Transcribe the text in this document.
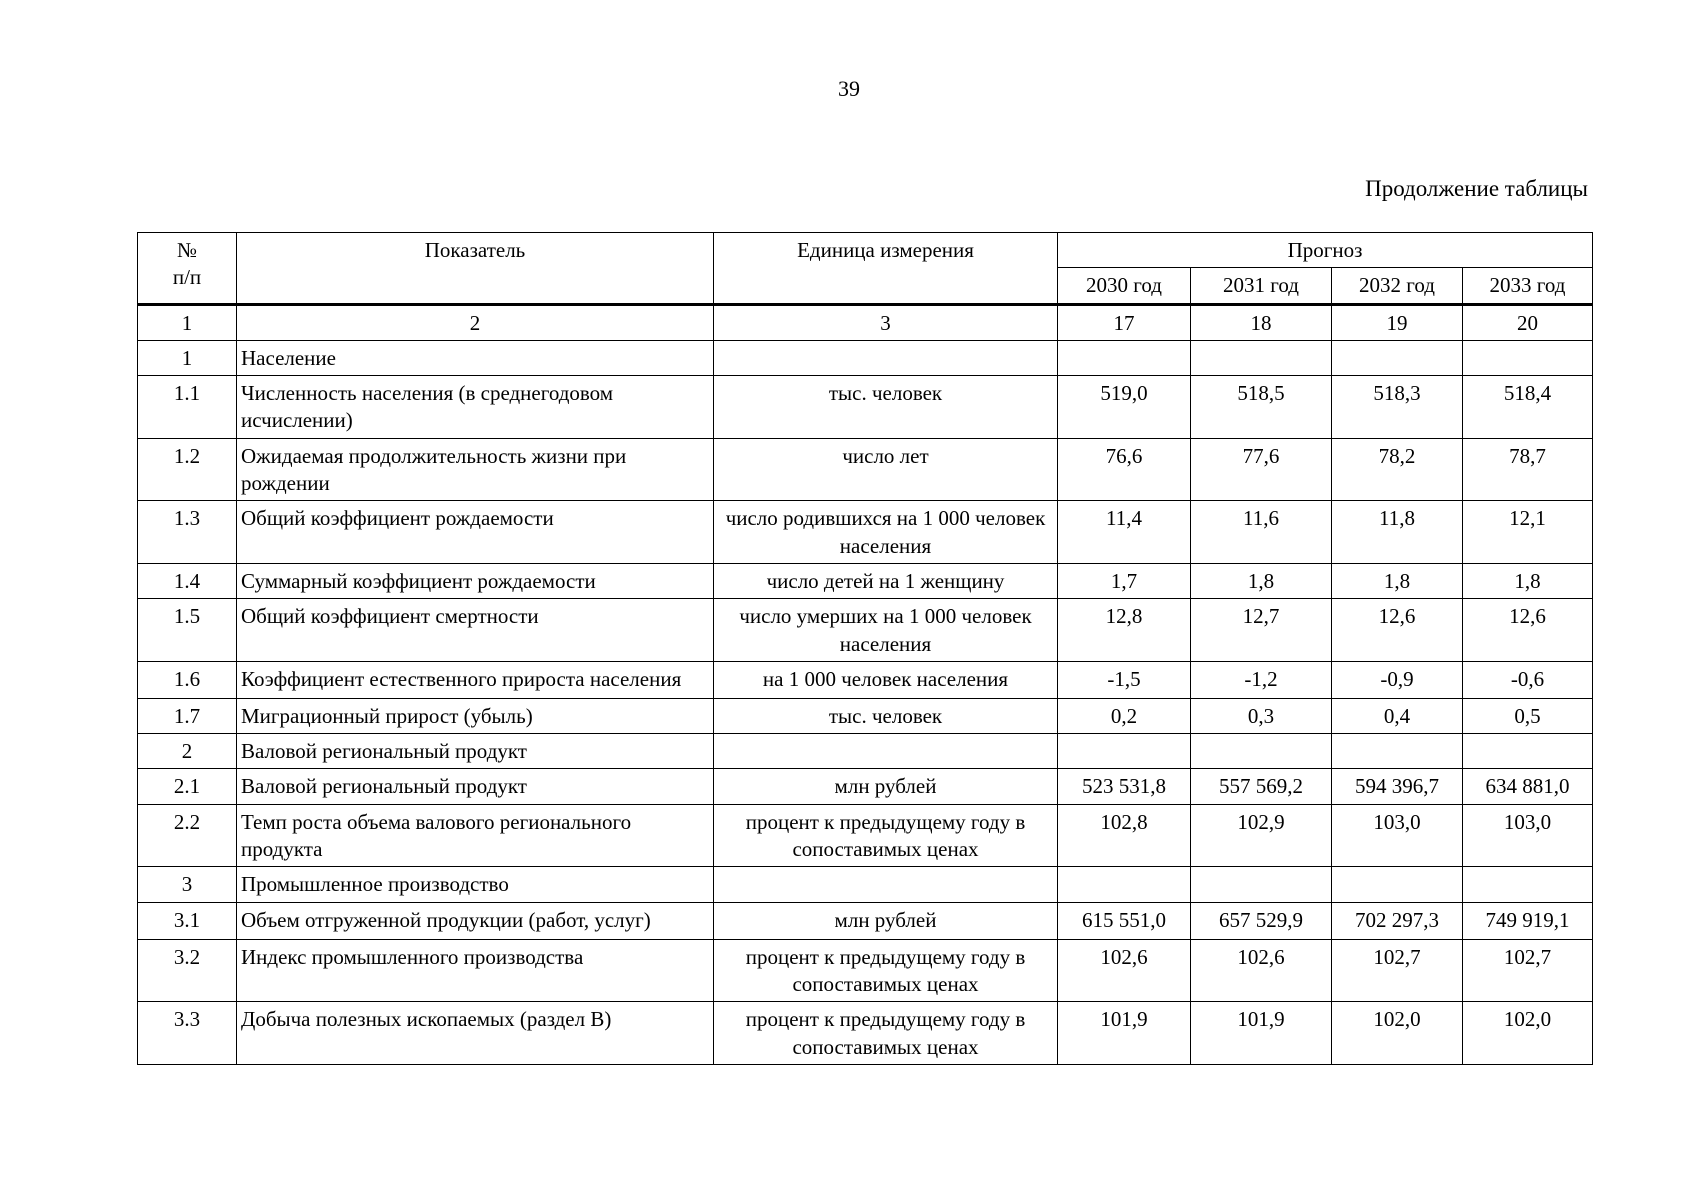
39
Продолжение таблицы
№
п/п	Показатель	Единица измерения	Прогноз			
			2030 год	2031 год	2032 год	2033 год
1	2	3	17	18	19	20
1	Население					
1.1	Численность населения (в среднегодовом исчислении)	тыс. человек	519,0	518,5	518,3	518,4
1.2	Ожидаемая продолжительность жизни при рождении	число лет	76,6	77,6	78,2	78,7
1.3	Общий коэффициент рождаемости	число родившихся на 1 000 человек населения	11,4	11,6	11,8	12,1
1.4	Суммарный коэффициент рождаемости	число детей на 1 женщину	1,7	1,8	1,8	1,8
1.5	Общий коэффициент смертности	число умерших на 1 000 человек населения	12,8	12,7	12,6	12,6
1.6	Коэффициент естественного прироста населения	на 1 000 человек населения	-1,5	-1,2	-0,9	-0,6
1.7	Миграционный прирост (убыль)	тыс. человек	0,2	0,3	0,4	0,5
2	Валовой региональный продукт					
2.1	Валовой региональный продукт	млн рублей	523 531,8	557 569,2	594 396,7	634 881,0
2.2	Темп роста объема валового регионального продукта	процент к предыдущему году в сопоставимых ценах	102,8	102,9	103,0	103,0
3	Промышленное производство					
3.1	Объем отгруженной продукции (работ, услуг)	млн рублей	615 551,0	657 529,9	702 297,3	749 919,1
3.2	Индекс промышленного производства	процент к предыдущему году в сопоставимых ценах	102,6	102,6	102,7	102,7
3.3	Добыча полезных ископаемых (раздел B)	процент к предыдущему году в сопоставимых ценах	101,9	101,9	102,0	102,0
